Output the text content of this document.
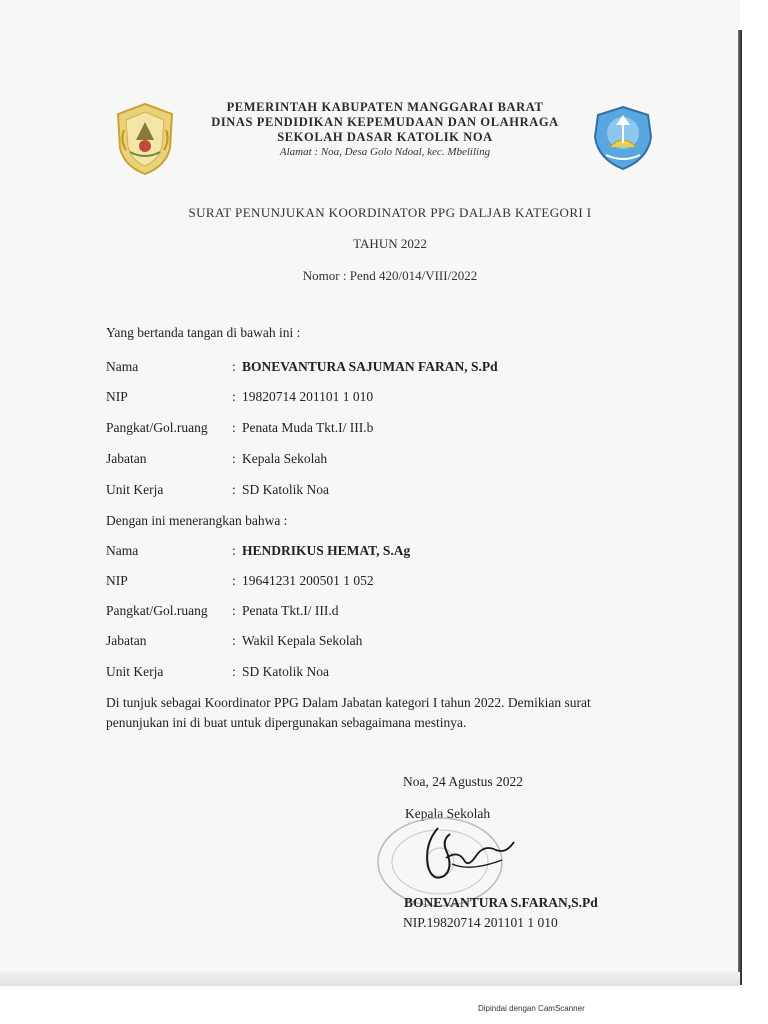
PEMERINTAH KABUPATEN MANGGARAI BARAT
DINAS PENDIDIKAN KEPEMUDAAN DAN OLAHRAGA
SEKOLAH DASAR KATOLIK NOA
Alamat : Noa, Desa Golo Ndoal, kec. Mbeliling
SURAT PENUNJUKAN KOORDINATOR PPG DALJAB KATEGORI I
TAHUN 2022
Nomor : Pend 420/014/VIII/2022
Yang bertanda tangan di bawah ini :
Nama	: BONEVANTURA SAJUMAN FARAN, S.Pd
NIP	: 19820714 201101 1 010
Pangkat/Gol.ruang : Penata Muda Tkt.I/ III.b
Jabatan	: Kepala Sekolah
Unit Kerja	: SD Katolik Noa
Dengan ini menerangkan bahwa :
Nama	: HENDRIKUS HEMAT, S.Ag
NIP	: 19641231 200501 1 052
Pangkat/Gol.ruang : Penata Tkt.I/ III.d
Jabatan	: Wakil Kepala Sekolah
Unit Kerja	: SD Katolik Noa
Di tunjuk sebagai Koordinator PPG Dalam Jabatan kategori I tahun 2022. Demikian surat penunjukan ini di buat untuk dipergunakan sebagaimana mestinya.
Noa, 24 Agustus 2022
Kepala Sekolah
BONEVANTURA S.FARAN,S.Pd
NIP.19820714 201101 1 010
Dipindai dengan CamScanner
